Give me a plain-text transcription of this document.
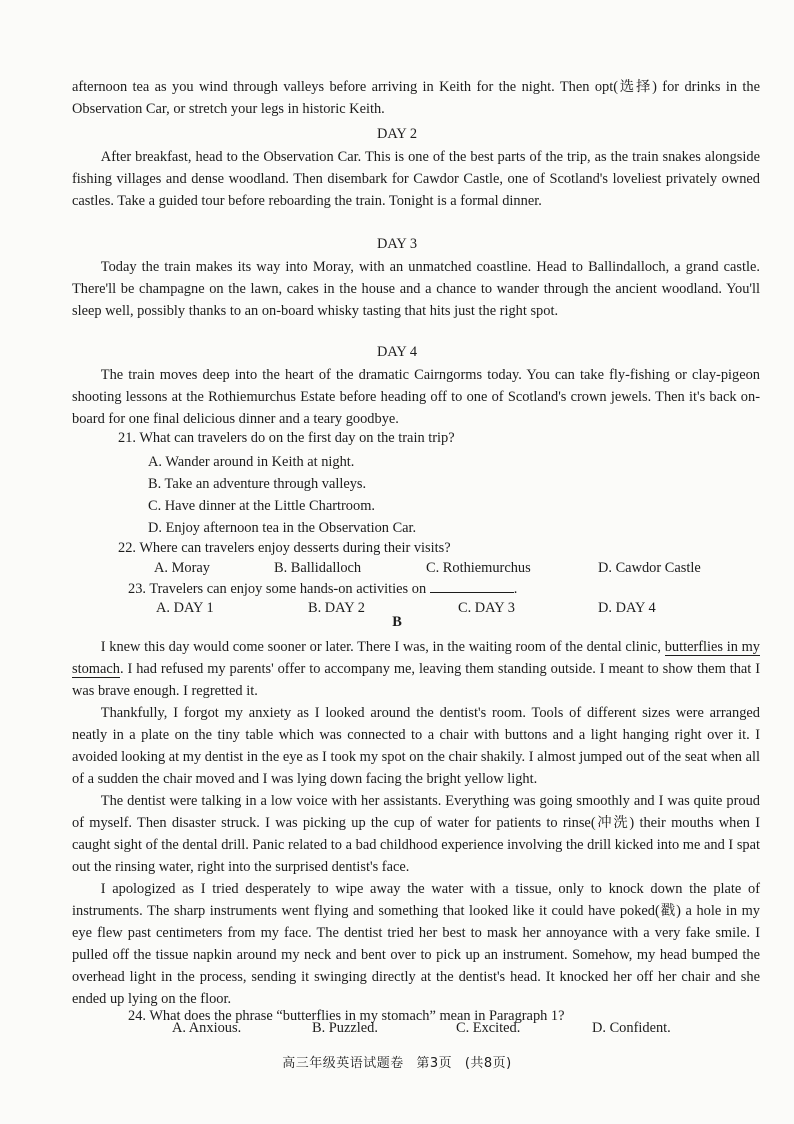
afternoon tea as you wind through valleys before arriving in Keith for the night. Then opt(选择) for drinks in the Observation Car, or stretch your legs in historic Keith.

DAY 2

After breakfast, head to the Observation Car. This is one of the best parts of the trip, as the train snakes alongside fishing villages and dense woodland. Then disembark for Cawdor Castle, one of Scotland's loveliest privately owned castles. Take a guided tour before reboarding the train. Tonight is a formal dinner.

DAY 3

Today the train makes its way into Moray, with an unmatched coastline. Head to Ballindalloch, a grand castle. There'll be champagne on the lawn, cakes in the house and a chance to wander through the ancient woodland. You'll sleep well, possibly thanks to an on-board whisky tasting that hits just the right spot.

DAY 4

The train moves deep into the heart of the dramatic Cairngorms today. You can take fly-fishing or clay-pigeon shooting lessons at the Rothiemurchus Estate before heading off to one of Scotland's crown jewels. Then it's back on-board for one final delicious dinner and a teary goodbye.

21. What can travelers do on the first day on the train trip?

A. Wander around in Keith at night.

B. Take an adventure through valleys.

C. Have dinner at the Little Chartroom.

D. Enjoy afternoon tea in the Observation Car.

22. Where can travelers enjoy desserts during their visits?

A. Moray	B. Ballidalloch	C. Rothiemurchus	D. Cawdor Castle

23. Travelers can enjoy some hands-on activities on	.

A. DAY 1	B. DAY 2	C. DAY 3	D. DAY 4

B

I knew this day would come sooner or later. There I was, in the waiting room of the dental clinic, butterflies in my stomach. I had refused my parents' offer to accompany me, leaving them standing outside. I meant to show them that I was brave enough. I regretted it.

Thankfully, I forgot my anxiety as I looked around the dentist's room. Tools of different sizes were arranged neatly in a plate on the tiny table which was connected to a chair with buttons and a light hanging right over it. I avoided looking at my dentist in the eye as I took my spot on the chair shakily. I almost jumped out of the seat when all of a sudden the chair moved and I was lying down facing the bright yellow light.

The dentist were talking in a low voice with her assistants. Everything was going smoothly and I was quite proud of myself. Then disaster struck. I was picking up the cup of water for patients to rinse(冲洗) their mouths when I caught sight of the dental drill. Panic related to a bad childhood experience involving the drill kicked into me and I spat out the rinsing water, right into the surprised dentist's face.

I apologized as I tried desperately to wipe away the water with a tissue, only to knock down the plate of instruments. The sharp instruments went flying and something that looked like it could have poked(戳) a hole in my eye flew past centimeters from my face. The dentist tried her best to mask her annoyance with a very fake smile. I pulled off the tissue napkin around my neck and bent over to pick up an instrument. Somehow, my head bumped the overhead light in the process, sending it swinging directly at the dentist's head. It knocked her off her chair and she ended up lying on the floor.

24. What does the phrase “butterflies in my stomach” mean in Paragraph 1?

A. Anxious.	B. Puzzled.	C. Excited.	D. Confident.
高三年级英语试题卷 第3页 (共8页)
